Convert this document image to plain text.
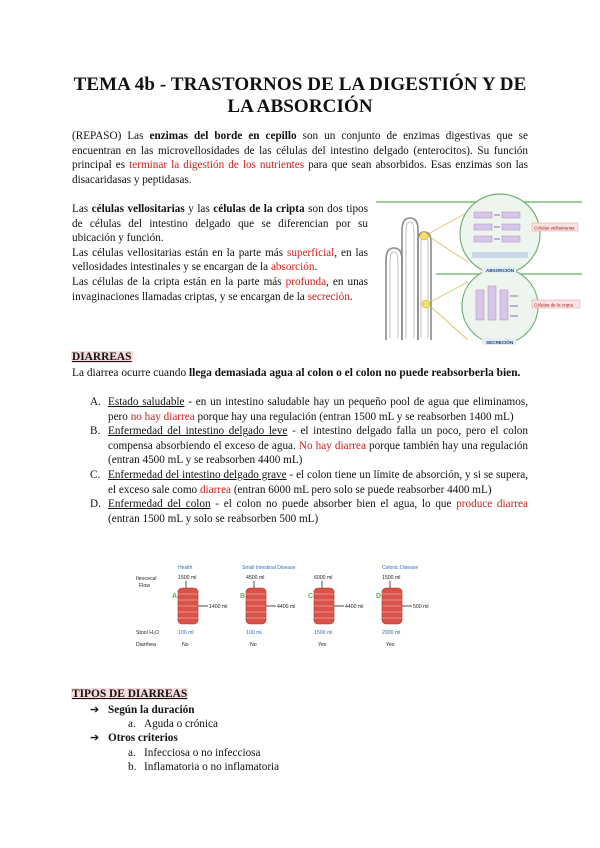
TEMA 4b - TRASTORNOS DE LA DIGESTIÓN Y DE
LA ABSORCIÓN
(REPASO) Las enzimas del borde en cepillo son un conjunto de enzimas digestivas que se encuentran en las microvellosidades de las células del intestino delgado (enterocitos). Su función principal es terminar la digestión de los nutrientes para que sean absorbidos. Esas enzimas son las disacaridasas y peptidasas.
Las células vellositarias y las células de la cripta son dos tipos de células del intestino delgado que se diferencian por su ubicación y función.
Las células vellositarias están en la parte más superficial, en las vellosidades intestinales y se encargan de la absorción.
Las células de la cripta están en la parte más profunda, en unas invaginaciones llamadas criptas, y se encargan de la secreción.
Células vellositarias
Células de la cripta
ABSORCIÓN
SECRECIÓN
DIARREAS
La diarrea ocurre cuando llega demasiada agua al colon o el colon no puede reabsorberla bien.
A. Estado saludable - en un intestino saludable hay un pequeño pool de agua que eliminamos, pero no hay diarrea porque hay una regulación (entran 1500 mL y se reabsorben 1400 mL)
B. Enfermedad del intestino delgado leve - el intestino delgado falla un poco, pero el colon compensa absorbiendo el exceso de agua. No hay diarrea porque también hay una regulación (entran 4500 mL y se reabsorben 4400 mL)
C. Enfermedad del intestino delgado grave - el colon tiene un límite de absorción, y si se supera, el exceso sale como diarrea (entran 6000 mL pero solo se puede reabsorber 4400 mL)
D. Enfermedad del colon - el colon no puede absorber bien el agua, lo que produce diarrea (entran 1500 mL y solo se reabsorben 500 mL)
Ileocecal
Flow
Stool H₂O
Diarrhea
Health
1500 ml
A
1400 ml
100 ml
No
Small Intestinal Disease
4500 ml
B
4400 ml
100 ml
No
6000 ml
C
4400 ml
1500 ml
Yes
Colonic Disease
1500 ml
D
500 ml
2000 ml
Yes
TIPOS DE DIARREAS
➔ Según la duración
a. Aguda o crónica
➔ Otros criterios
a. Infecciosa o no infecciosa
b. Inflamatoria o no inflamatoria
